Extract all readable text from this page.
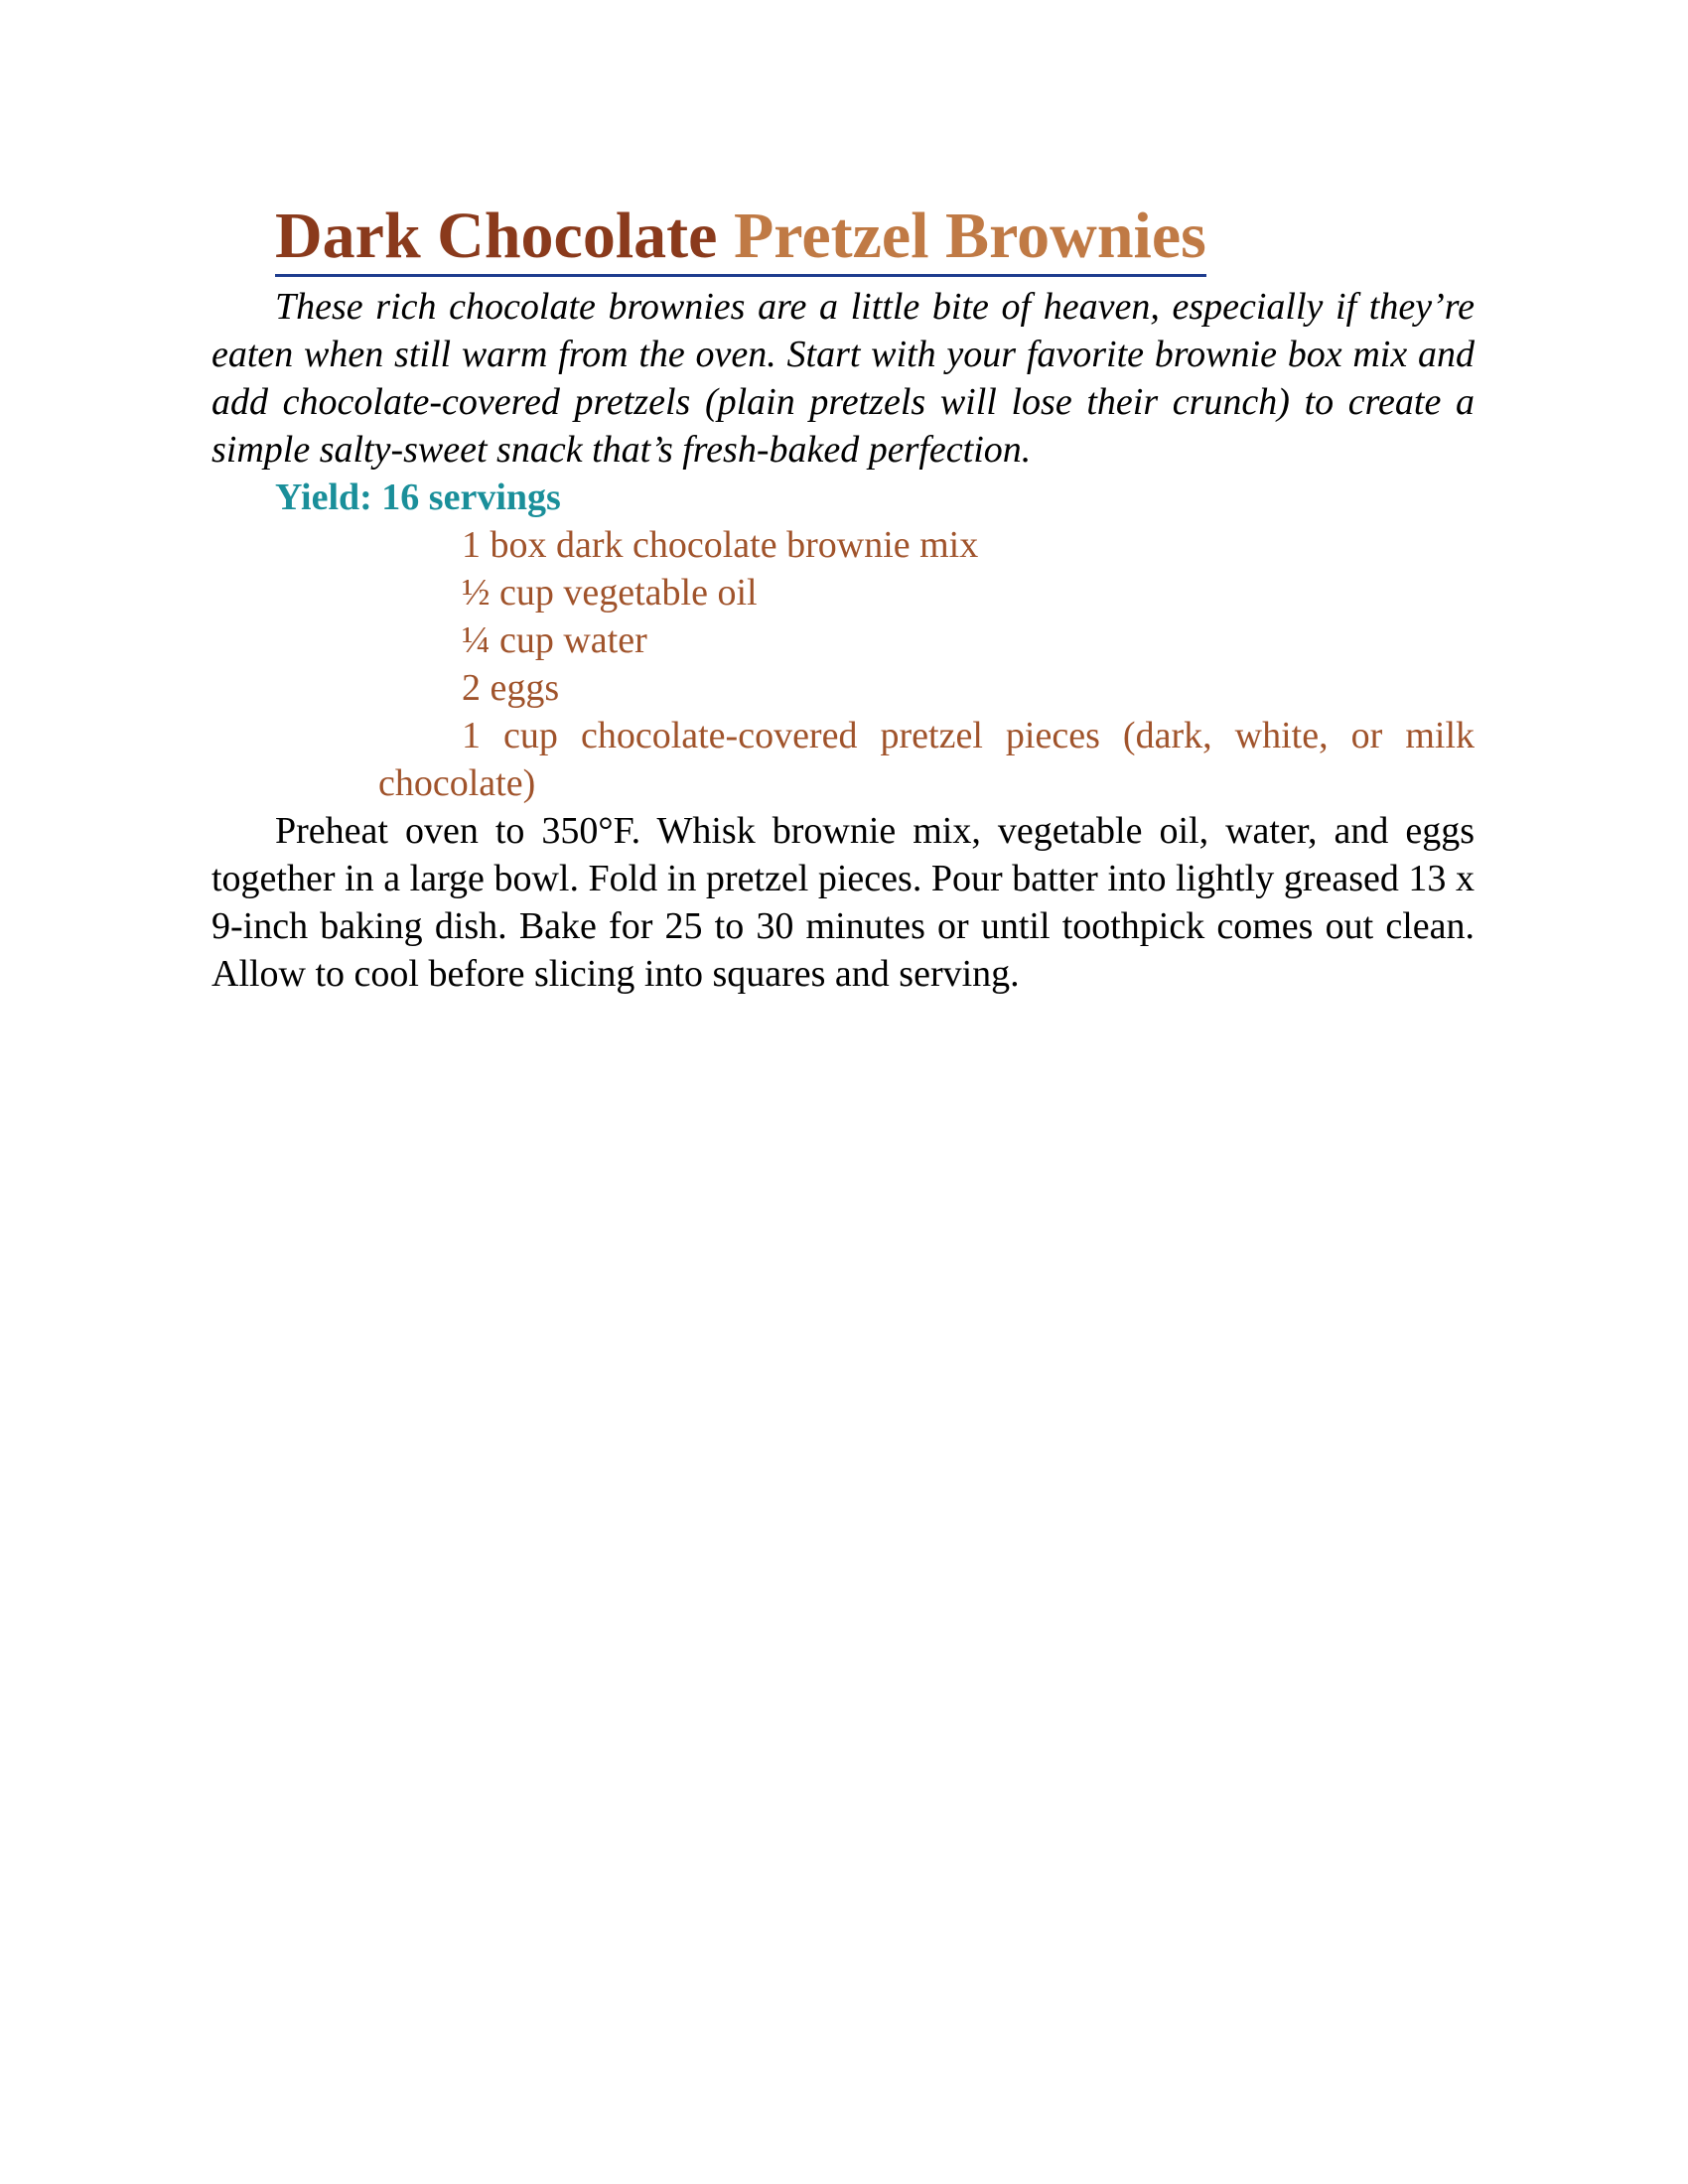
Dark Chocolate Pretzel Brownies

These rich chocolate brownies are a little bite of heaven, especially if they’re eaten when still warm from the oven. Start with your favorite brownie box mix and add chocolate-covered pretzels (plain pretzels will lose their crunch) to create a simple salty-sweet snack that’s fresh-baked perfection.

Yield: 16 servings

1 box dark chocolate brownie mix
½ cup vegetable oil
¼ cup water
2 eggs
1 cup chocolate-covered pretzel pieces (dark, white, or milk chocolate)

Preheat oven to 350°F. Whisk brownie mix, vegetable oil, water, and eggs together in a large bowl. Fold in pretzel pieces. Pour batter into lightly greased 13 x 9-inch baking dish. Bake for 25 to 30 minutes or until toothpick comes out clean. Allow to cool before slicing into squares and serving.
